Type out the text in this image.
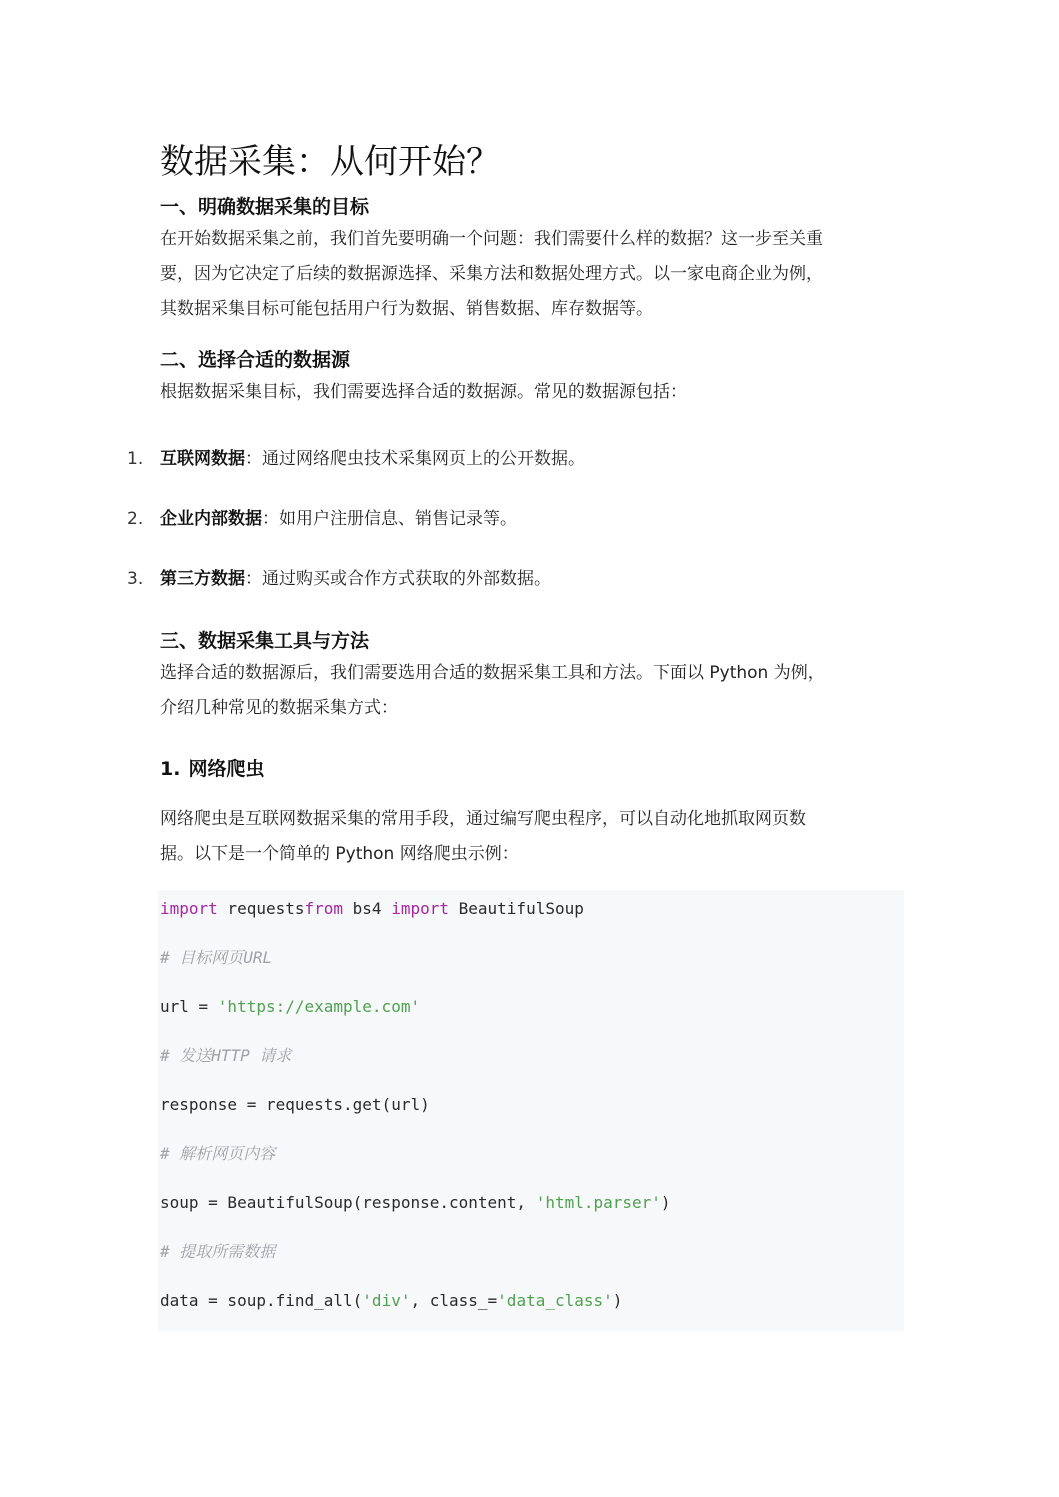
数据采集：从何开始？
一、明确数据采集的目标

在开始数据采集之前，我们首先要明确一个问题：我们需要什么样的数据？这一步至关重
要，因为它决定了后续的数据源选择、采集方法和数据处理方式。以一家电商企业为例，
其数据采集目标可能包括用户行为数据、销售数据、库存数据等。

二、选择合适的数据源

根据数据采集目标，我们需要选择合适的数据源。常见的数据源包括：

1. 互联网数据：通过网络爬虫技术采集网页上的公开数据。
2. 企业内部数据：如用户注册信息、销售记录等。
3. 第三方数据：通过购买或合作方式获取的外部数据。
三、数据采集工具与方法

选择合适的数据源后，我们需要选用合适的数据采集工具和方法。下面以 Python 为例，
介绍几种常见的数据采集方式：

1. 网络爬虫

网络爬虫是互联网数据采集的常用手段，通过编写爬虫程序，可以自动化地抓取网页数
据。以下是一个简单的 Python 网络爬虫示例：

import requestsfrom bs4 import BeautifulSoup
# 目标网页URL
url = 'https://example.com'
# 发送HTTP 请求
response = requests.get(url)
# 解析网页内容
soup = BeautifulSoup(response.content, 'html.parser')
# 提取所需数据
data = soup.find_all('div', class_='data_class')
